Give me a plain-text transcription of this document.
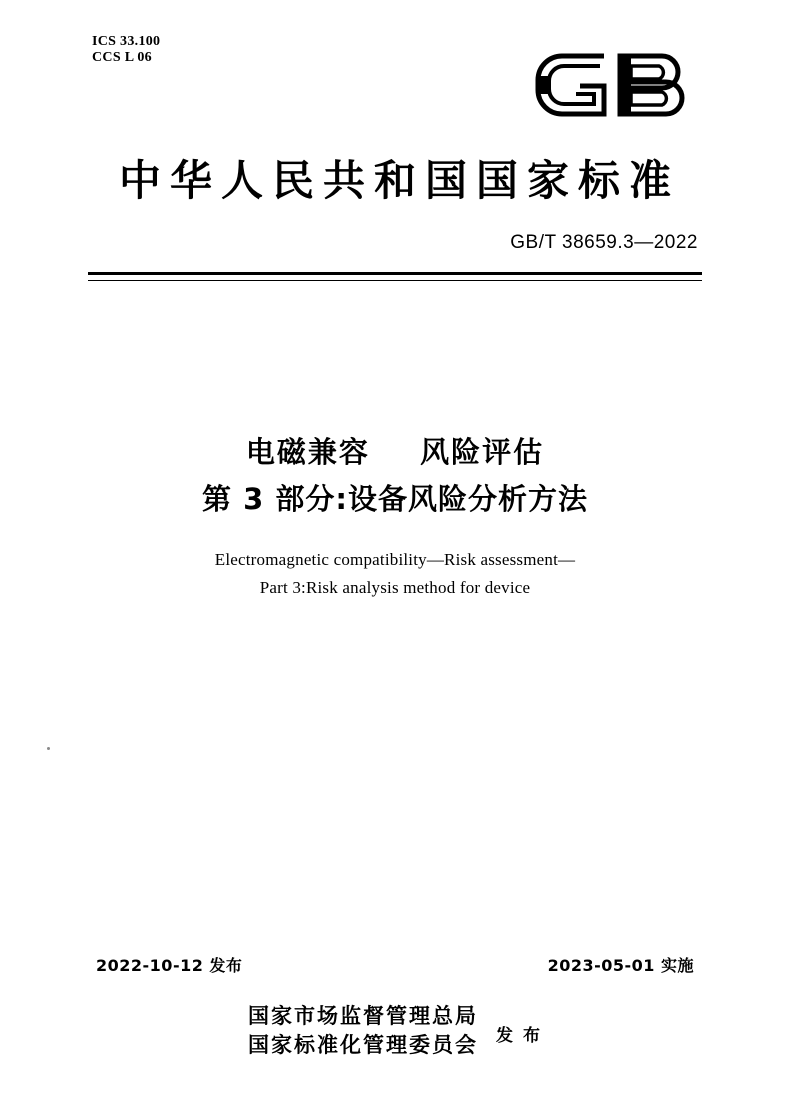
ICS 33.100
CCS L 06
中华人民共和国国家标准
GB/T 38659.3—2022
电磁兼容 风险评估
第 3 部分:设备风险分析方法
Electromagnetic compatibility—Risk assessment—
Part 3:Risk analysis method for device
2022-10-12 发布	2023-05-01 实施
国家市场监督管理总局
国家标准化管理委员会 发 布
